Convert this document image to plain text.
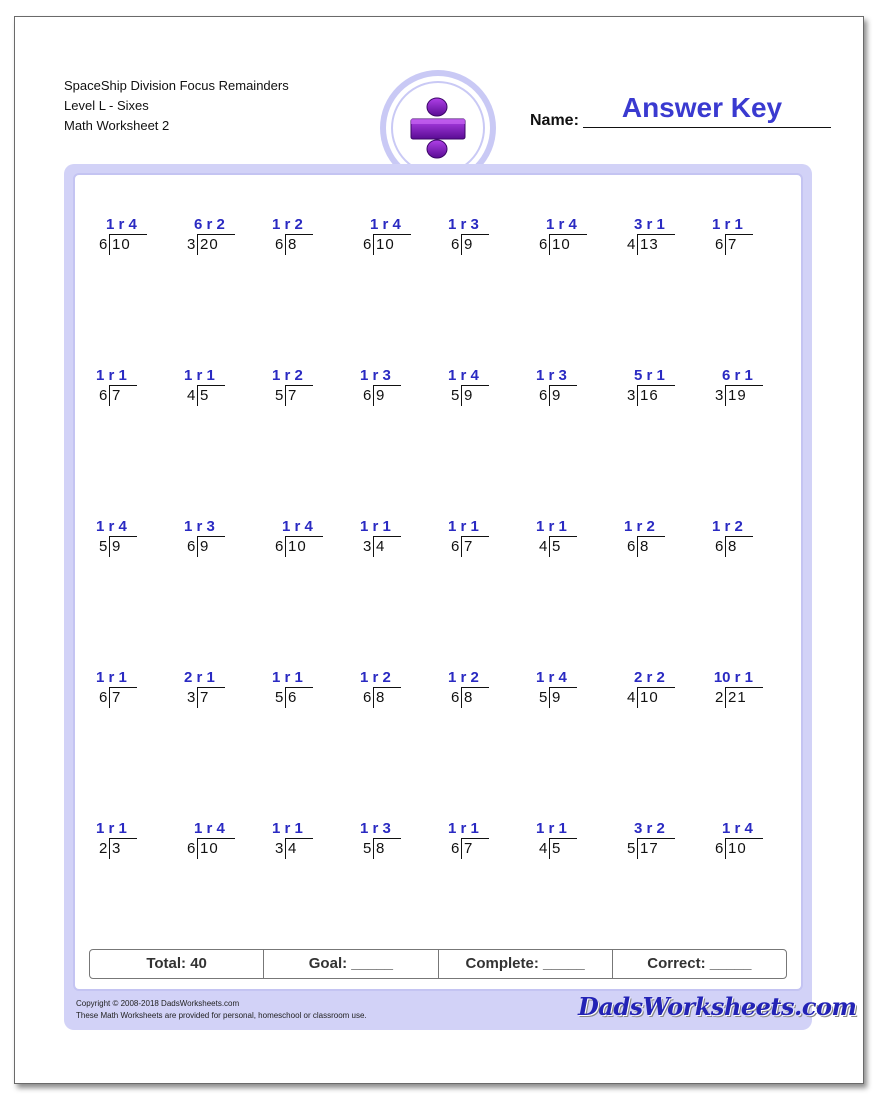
SpaceShip Division Focus Remainders
Level L - Sixes
Math Worksheet 2
Answer Key
Name:
6 10
1 r 4
3 20
6 r 2
6 8
1 r 2
6 10
1 r 4
6 9
1 r 3
6 10
1 r 4
4 13
3 r 1
6 7
1 r 1
6 7
1 r 1
4 5
1 r 1
5 7
1 r 2
6 9
1 r 3
5 9
1 r 4
6 9
1 r 3
3 16
5 r 1
3 19
6 r 1
5 9
1 r 4
6 9
1 r 3
6 10
1 r 4
3 4
1 r 1
6 7
1 r 1
4 5
1 r 1
6 8
1 r 2
6 8
1 r 2
6 7
1 r 1
3 7
2 r 1
5 6
1 r 1
6 8
1 r 2
6 8
1 r 2
5 9
1 r 4
4 10
2 r 2
2 21
10 r 1
2 3
1 r 1
6 10
1 r 4
3 4
1 r 1
5 8
1 r 3
6 7
1 r 1
4 5
1 r 1
5 17
3 r 2
6 10
1 r 4
Total: 40	Goal: _____	Complete: _____	Correct: _____
Copyright © 2008-2018 DadsWorksheets.com
These Math Worksheets are provided for personal, homeschool or classroom use.	DadsWorksheets.com
